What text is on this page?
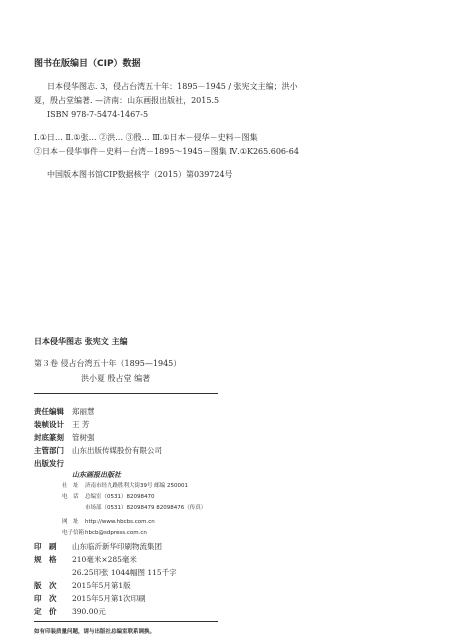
图书在版编目（CIP）数据
日本侵华图志. 3，侵占台湾五十年：1895－1945 / 张宪文主编；洪小
夏，殷占堂编著. —济南：山东画报出版社，2015.5
ISBN 978-7-5474-1467-5
Ⅰ.①日… Ⅱ.①张… ②洪… ③殷… Ⅲ.①日本－侵华－史料－图集
②日本－侵华事件－史料－台湾－1895～1945－图集 Ⅳ.①K265.606-64
中国版本图书馆CIP数据核字（2015）第039724号
日本侵华图志 张宪文 主编
第３卷 侵占台湾五十年（1895—1945）
洪小夏 殷占堂 编著
责任编辑 郑丽慧
装帧设计 王 芳
封底篆刻 管树强
主管部门 山东出版传媒股份有限公司
出版发行
山东画报出版社
社　址 济南市经九路胜利大街39号 邮编 250001
电　话 总编室（0531）82098470
市场部（0531）82098479 82098476（传真）
网　址 http://www.hbcbs.com.cn
电子信箱 hbcb@sdpress.com.cn
印　刷 山东临沂新华印刷物流集团
规　格 210毫米×285毫米
26.25印张 1044幅图 115千字
版　次 2015年5月第1版
印　次 2015年5月第1次印刷
定　价 390.00元
如有印装质量问题，请与出版社总编室联系调换。
